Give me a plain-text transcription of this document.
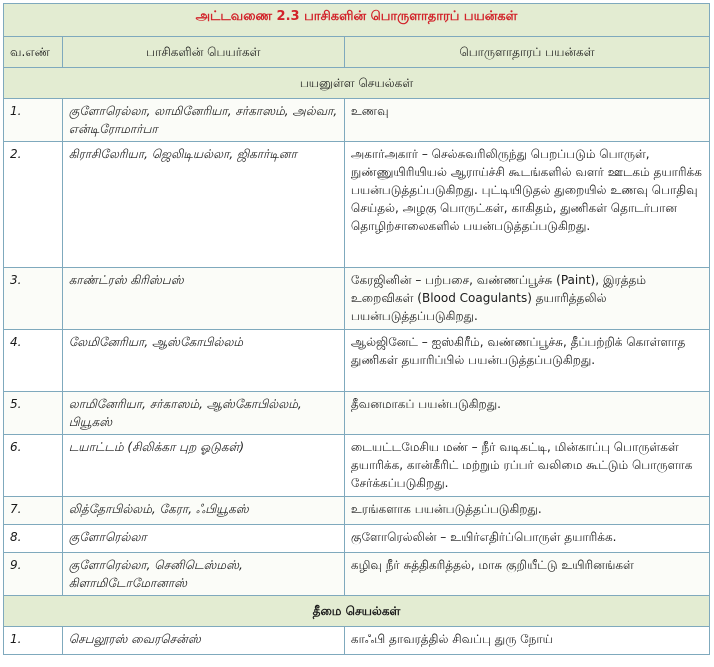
அட்டவணை 2.3 பாசிகளின் பொருளாதாரப் பயன்கள்		
வ.எண்	பாசிகளின் பெயர்கள்	பொருளாதாரப் பயன்கள்
பயனுள்ள செயல்கள்		
1.	குளோரெல்லா, லாமினேரியா, சர்காஸம், அல்வா, என்டிரோமார்பா	உணவு
2.	கிராசிலேரியா, ஜெலிடியல்லா, ஜிகார்டினா	அகார்அகார் – செல்சுவரிலிருந்து பெறப்படும் பொருள், நுண்ணுயிரியியல் ஆராய்ச்சி கூடங்களில் வளர் ஊடகம் தயாரிக்க பயன்படுத்தப்படுகிறது. புட்டியிடுதல் துறையில் உணவு பொதிவு செய்தல், அழகு பொருட்கள், காகிதம், துணிகள் தொடர்பான தொழிற்சாலைகளில் பயன்படுத்தப்படுகிறது.
3.	காண்ட்ரஸ் கிரிஸ்பஸ்	கேரஜினின் – பற்பசை, வண்ணப்பூச்சு (Paint), இரத்தம் உறைவிகள் (Blood Coagulants) தயாரித்தலில் பயன்படுத்தப்படுகிறது.
4.	லேமினேரியா, ஆஸ்கோபில்லம்	ஆல்ஜினேட் – ஐஸ்கிரீம், வண்ணப்பூச்சு, தீப்பற்றிக் கொள்ளாத துணிகள் தயாரிப்பில் பயன்படுத்தப்படுகிறது.
5.	லாமினேரியா, சர்காஸம், ஆஸ்கோபில்லம், பியூகஸ்	தீவனமாகப் பயன்படுகிறது.
6.	டயாட்டம் (சிலிக்கா புற ஓடுகள்)	டையட்டமேசிய மண் – நீர் வடிகட்டி, மின்காப்பு பொருள்கள் தயாரிக்க, கான்கீரிட் மற்றும் ரப்பர் வலிமை கூட்டும் பொருளாக சேர்க்கப்படுகிறது.
7.	லித்தோபில்லம், கேரா, ஃபியூகஸ்	உரங்களாக பயன்படுத்தப்படுகிறது.
8.	குளோரெல்லா	குளோரெல்லின் – உயிர்எதிர்ப்பொருள் தயாரிக்க.
9.	குளோரெல்லா, செனிடெஸ்மஸ், கிளாமிடோமோனாஸ்	கழிவு நீர் சுத்திகரித்தல், மாசு குறியீட்டு உயிரினங்கள்
தீமை செயல்கள்		
1.	செபலூரஸ் வைரசென்ஸ்	காஃபி தாவரத்தில் சிவப்பு துரு நோய்
